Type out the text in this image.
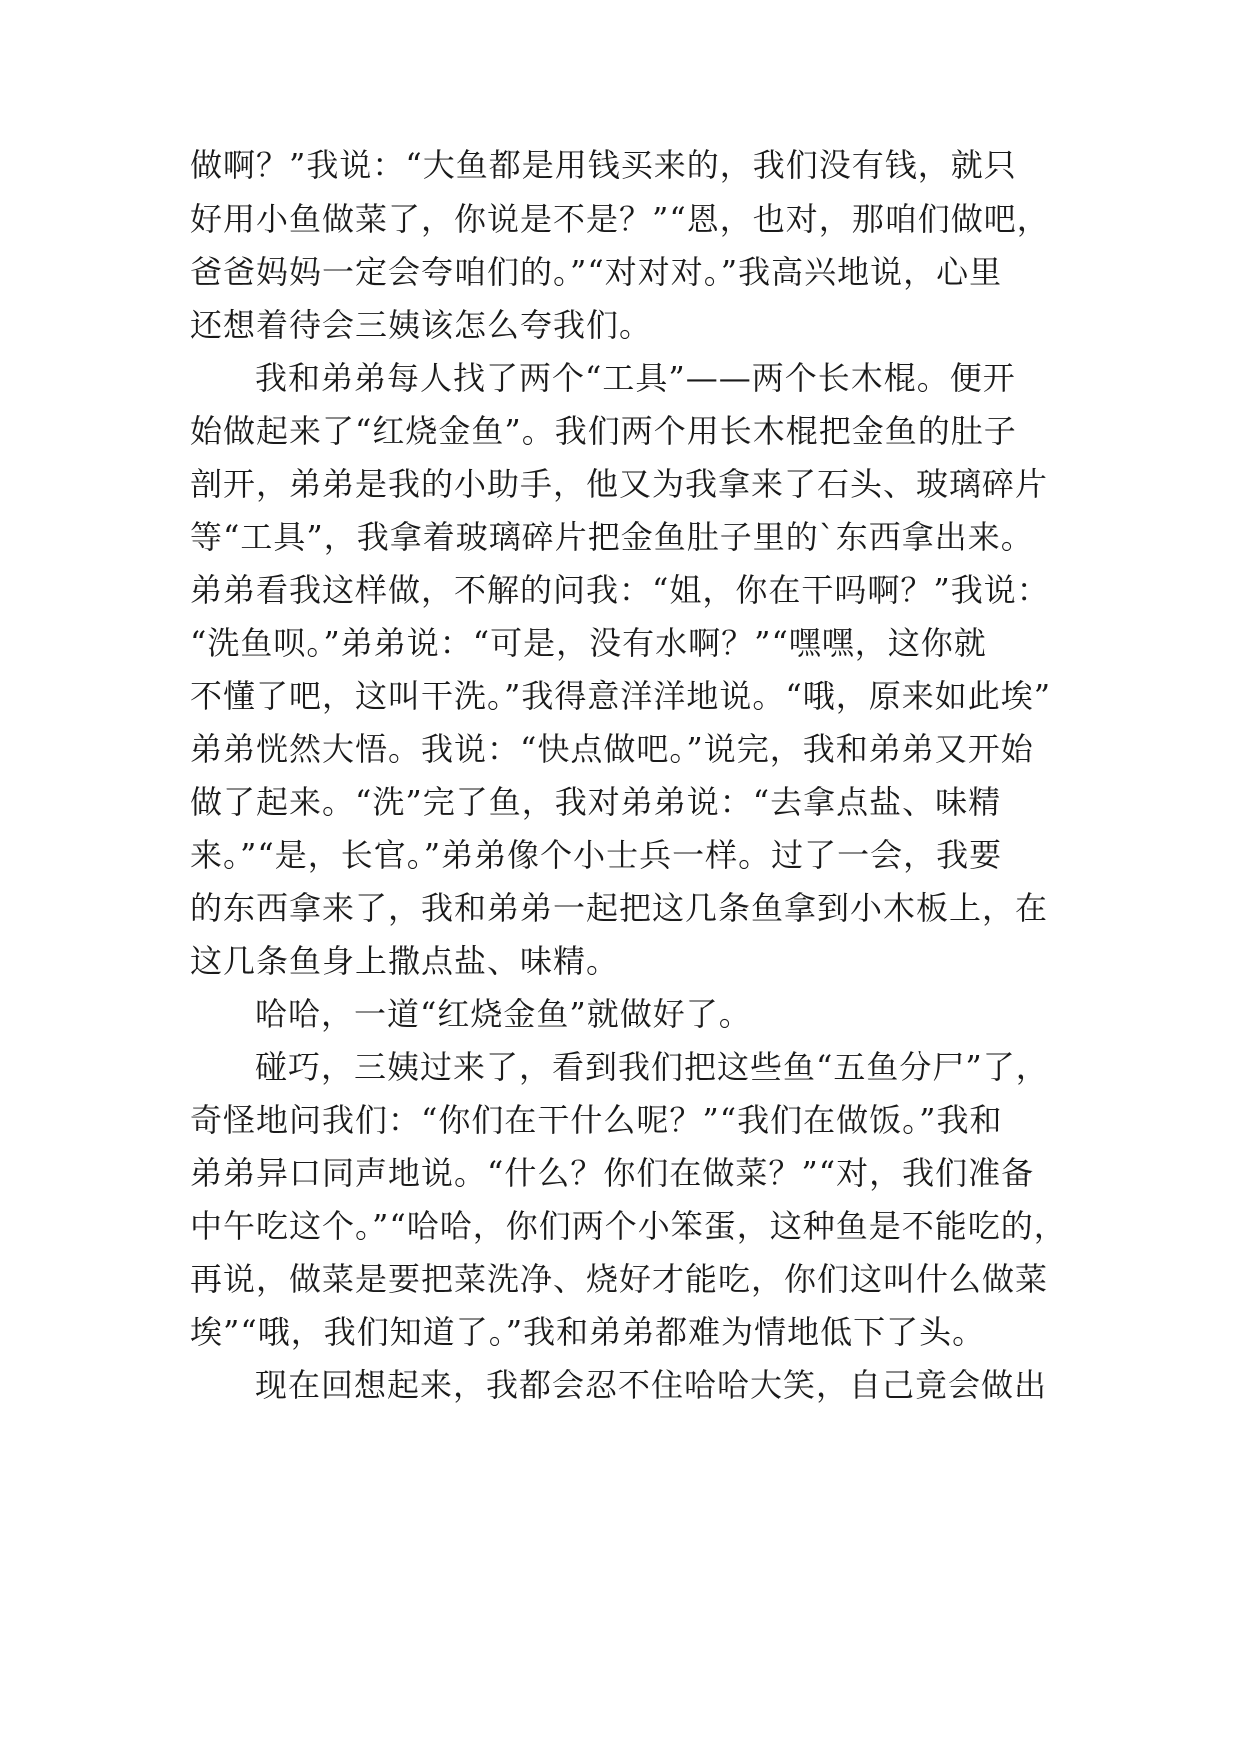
做啊？”我说：“大鱼都是用钱买来的，我们没有钱，就只
好用小鱼做菜了，你说是不是？”“恩，也对，那咱们做吧，
爸爸妈妈一定会夸咱们的。”“对对对。”我高兴地说，心里
还想着待会三姨该怎么夸我们。
我和弟弟每人找了两个“工具”——两个长木棍。便开
始做起来了“红烧金鱼”。我们两个用长木棍把金鱼的肚子
剖开，弟弟是我的小助手，他又为我拿来了石头、玻璃碎片
等“工具”，我拿着玻璃碎片把金鱼肚子里的`东西拿出来。
弟弟看我这样做，不解的问我：“姐，你在干吗啊？”我说：
“洗鱼呗。”弟弟说：“可是，没有水啊？”“嘿嘿，这你就
不懂了吧，这叫干洗。”我得意洋洋地说。“哦，原来如此埃”
弟弟恍然大悟。我说：“快点做吧。”说完，我和弟弟又开始
做了起来。“洗”完了鱼，我对弟弟说：“去拿点盐、味精
来。”“是，长官。”弟弟像个小士兵一样。过了一会，我要
的东西拿来了，我和弟弟一起把这几条鱼拿到小木板上，在
这几条鱼身上撒点盐、味精。
哈哈，一道“红烧金鱼”就做好了。
碰巧，三姨过来了，看到我们把这些鱼“五鱼分尸”了，
奇怪地问我们：“你们在干什么呢？”“我们在做饭。”我和
弟弟异口同声地说。“什么？你们在做菜？”“对，我们准备
中午吃这个。”“哈哈，你们两个小笨蛋，这种鱼是不能吃的，
再说，做菜是要把菜洗净、烧好才能吃，你们这叫什么做菜
埃”“哦，我们知道了。”我和弟弟都难为情地低下了头。
现在回想起来，我都会忍不住哈哈大笑，自己竟会做出
